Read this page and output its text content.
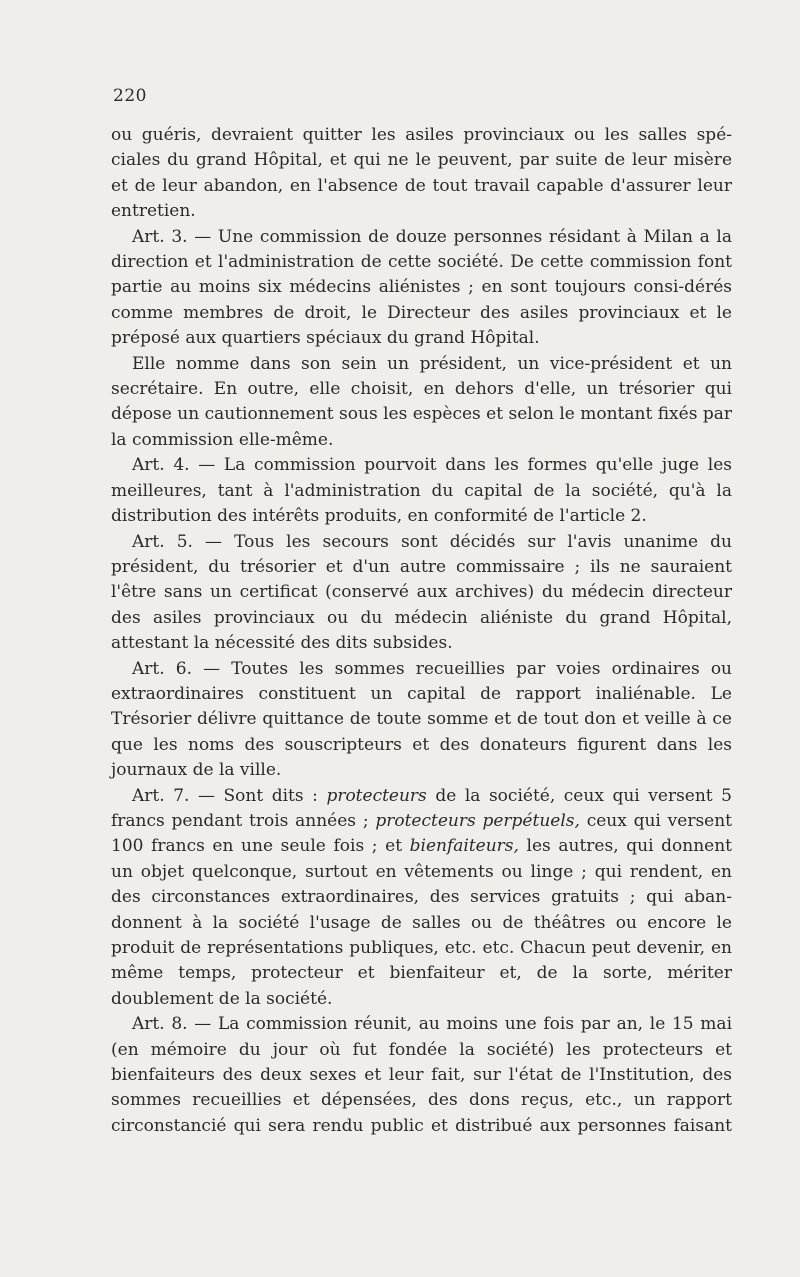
220

ou guéris, devraient quitter les asiles provinciaux ou les salles spé-ciales du grand Hôpital, et qui ne le peuvent, par suite de leur misère et de leur abandon, en l'absence de tout travail capable d'assurer leur entretien.

Art. 3. — Une commission de douze personnes résidant à Milan a la direction et l'administration de cette société. De cette commission font partie au moins six médecins aliénistes ; en sont toujours consi-dérés comme membres de droit, le Directeur des asiles provinciaux et le préposé aux quartiers spéciaux du grand Hôpital.

Elle nomme dans son sein un président, un vice-président et un secrétaire. En outre, elle choisit, en dehors d'elle, un trésorier qui dépose un cautionnement sous les espèces et selon le montant fixés par la commission elle-même.

Art. 4. — La commission pourvoit dans les formes qu'elle juge les meilleures, tant à l'administration du capital de la société, qu'à la distribution des intérêts produits, en conformité de l'article 2.

Art. 5. — Tous les secours sont décidés sur l'avis unanime du président, du trésorier et d'un autre commissaire ; ils ne sauraient l'être sans un certificat (conservé aux archives) du médecin directeur des asiles provinciaux ou du médecin aliéniste du grand Hôpital, attestant la nécessité des dits subsides.

Art. 6. — Toutes les sommes recueillies par voies ordinaires ou extraordinaires constituent un capital de rapport inaliénable. Le Trésorier délivre quittance de toute somme et de tout don et veille à ce que les noms des souscripteurs et des donateurs figurent dans les journaux de la ville.

Art. 7. — Sont dits : protecteurs de la société, ceux qui versent 5 francs pendant trois années ; protecteurs perpétuels, ceux qui versent 100 francs en une seule fois ; et bienfaiteurs, les autres, qui donnent un objet quelconque, surtout en vêtements ou linge ; qui rendent, en des circonstances extraordinaires, des services gratuits ; qui aban-donnent à la société l'usage de salles ou de théâtres ou encore le produit de représentations publiques, etc. etc. Chacun peut devenir, en même temps, protecteur et bienfaiteur et, de la sorte, mériter doublement de la société.

Art. 8. — La commission réunit, au moins une fois par an, le 15 mai (en mémoire du jour où fut fondée la société) les protecteurs et bienfaiteurs des deux sexes et leur fait, sur l'état de l'Institution, des sommes recueillies et dépensées, des dons reçus, etc., un rapport circonstancié qui sera rendu public et distribué aux personnes faisant
